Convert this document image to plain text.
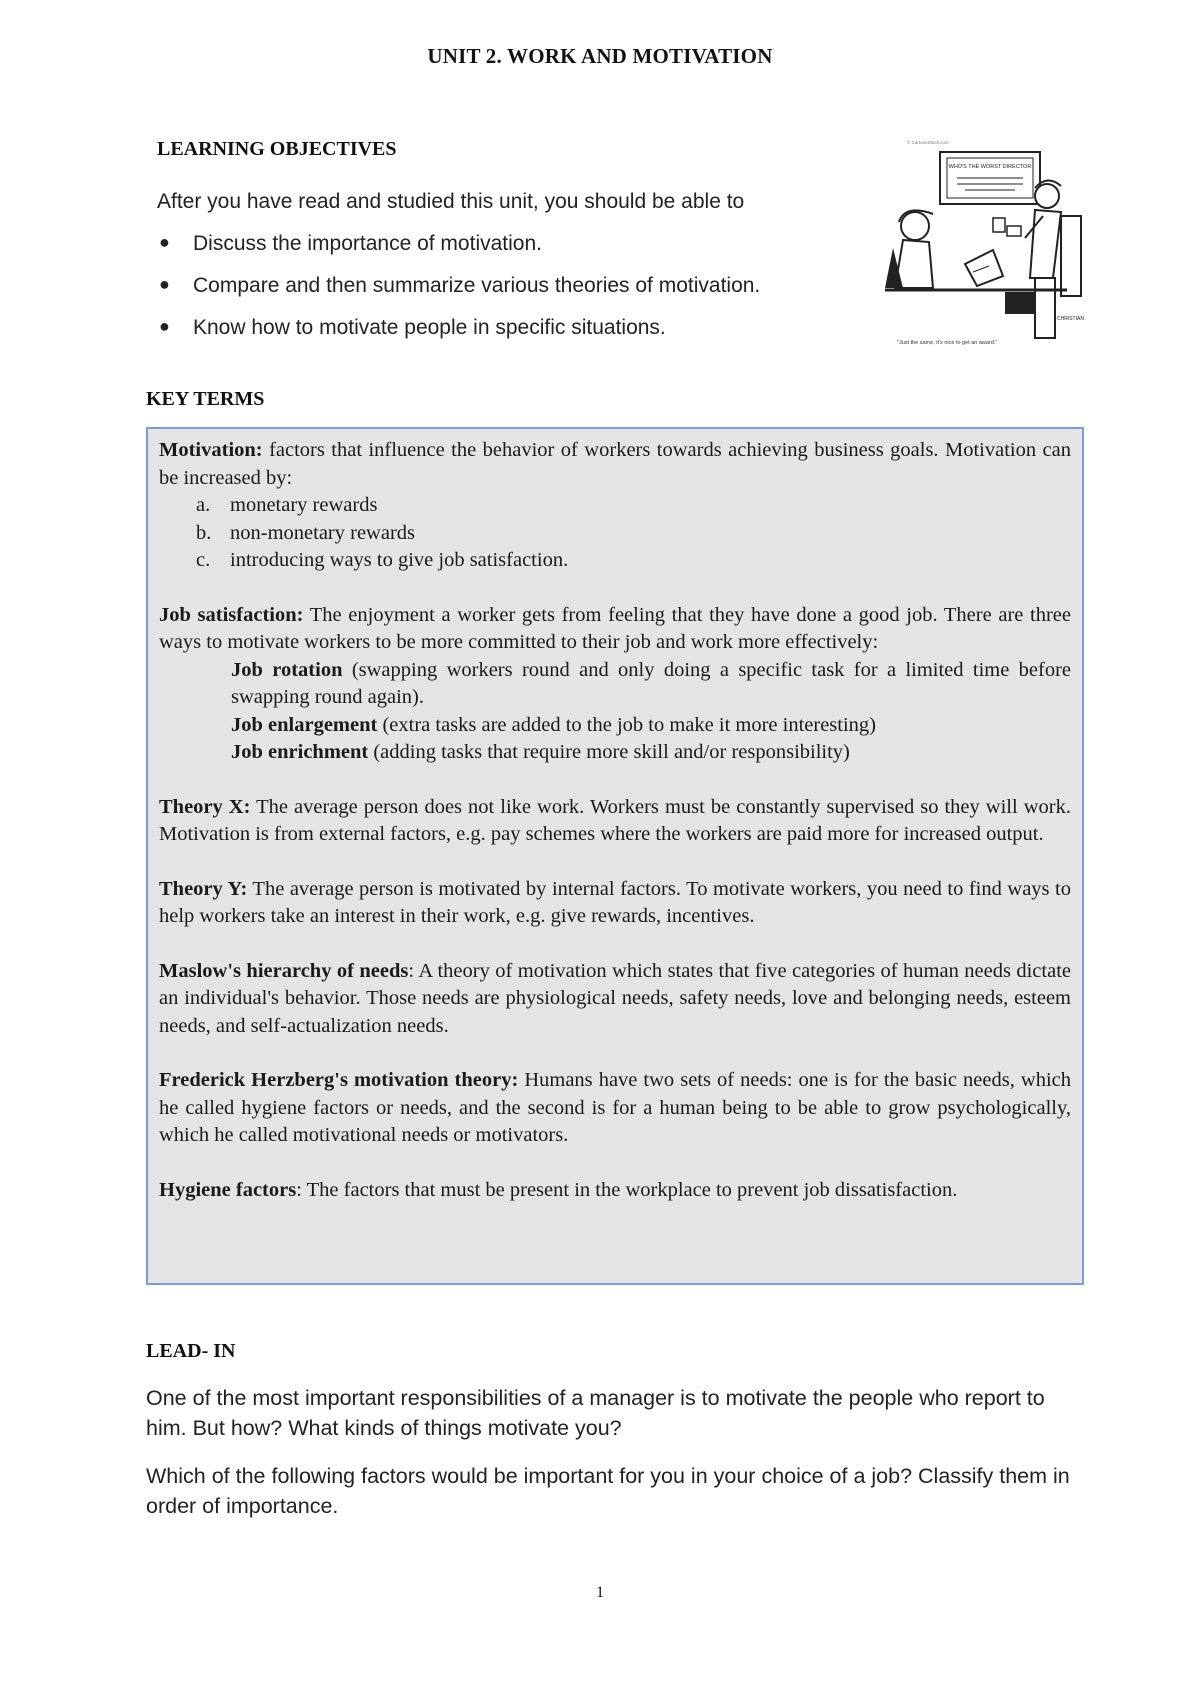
UNIT 2. WORK AND MOTIVATION
LEARNING OBJECTIVES
After you have read and studied this unit, you should be able to
● Discuss the importance of motivation.
● Compare and then summarize various theories of motivation.
● Know how to motivate people in specific situations.
© CartoonStock.com
WHO'S THE WORST DIRECTOR
CHRISTIAN
"Just the same, it's nice to get an award."
KEY TERMS

Motivation: factors that influence the behavior of workers towards achieving business goals. Motivation can be increased by:

a. monetary rewards
b. non-monetary rewards
c. introducing ways to give job satisfaction.

Job satisfaction: The enjoyment a worker gets from feeling that they have done a good job. There are three ways to motivate workers to be more committed to their job and work more effectively:

Job rotation (swapping workers round and only doing a specific task for a limited time before swapping round again).

Job enlargement (extra tasks are added to the job to make it more interesting)

Job enrichment (adding tasks that require more skill and/or responsibility)

Theory X: The average person does not like work. Workers must be constantly supervised so they will work. Motivation is from external factors, e.g. pay schemes where the workers are paid more for increased output.

Theory Y: The average person is motivated by internal factors. To motivate workers, you need to find ways to help workers take an interest in their work, e.g. give rewards, incentives.

Maslow's hierarchy of needs: A theory of motivation which states that five categories of human needs dictate an individual's behavior. Those needs are physiological needs, safety needs, love and belonging needs, esteem needs, and self-actualization needs.

Frederick Herzberg's motivation theory: Humans have two sets of needs: one is for the basic needs, which he called hygiene factors or needs, and the second is for a human being to be able to grow psychologically, which he called motivational needs or motivators.

Hygiene factors: The factors that must be present in the workplace to prevent job dissatisfaction.

LEAD- IN

One of the most important responsibilities of a manager is to motivate the people who report to him. But how? What kinds of things motivate you?

Which of the following factors would be important for you in your choice of a job? Classify them in order of importance.

1
